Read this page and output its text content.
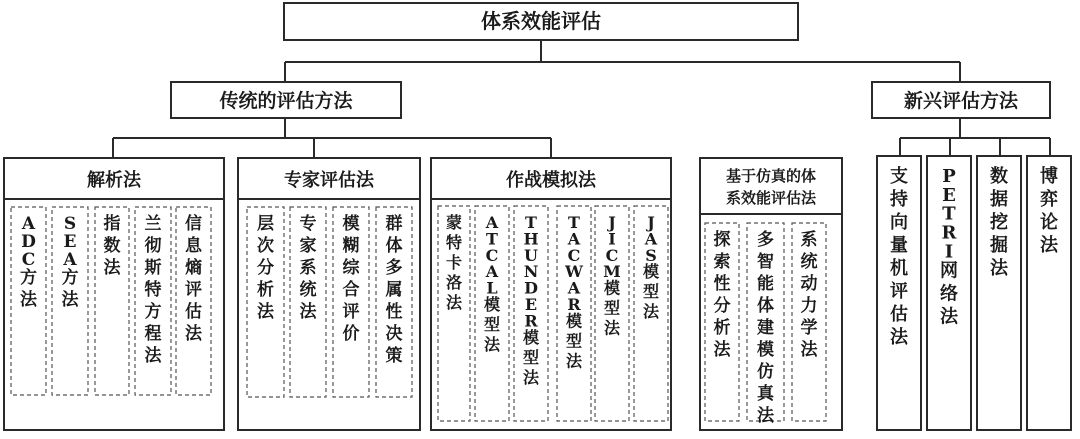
体系效能评估
传统的评估方法	新兴评估方法
解析法	专家评估法	作战模拟法	基于仿真的体
系效能评估法
A D C 方法
S E A 方法
指数法
兰彻斯特方程法
信息熵评估法
层次分析法
专家系统法
模糊综合评价
群体多属性决策
蒙特卡洛法
A T C A L 模型法
T H U N D E R 模型法
T A C W A R 模型法
J I C M 模型法
J A S 模型法
探索性分析法
多智能体建模仿真法
系统动力学法
支持向量机评估法
P E T R I 网络法
数据挖掘法
博弈论法
